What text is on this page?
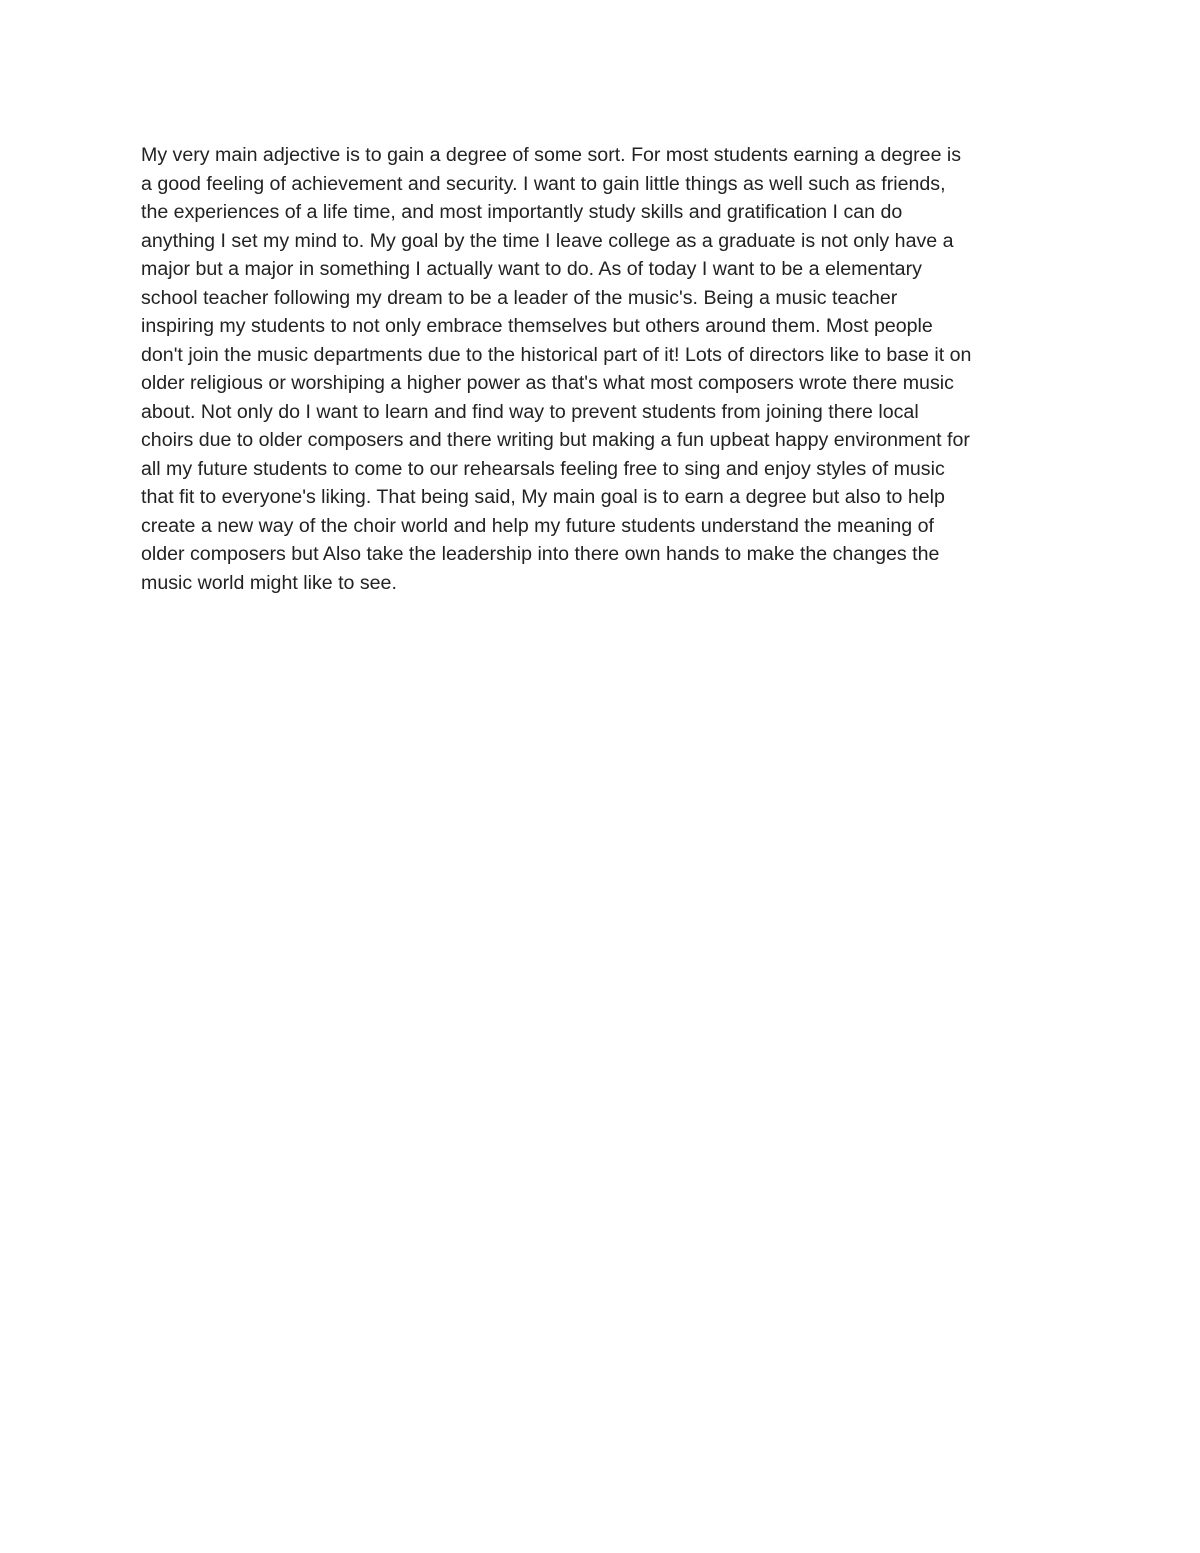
My very main adjective is to gain a degree of some sort. For most students earning a degree is
a good feeling of achievement and security. I want to gain little things as well such as friends,
the experiences of a life time, and most importantly study skills and gratification I can do
anything I set my mind to. My goal by the time I leave college as a graduate is not only have a
major but a major in something I actually want to do. As of today I want to be a elementary
school teacher following my dream to be a leader of the music's. Being a music teacher
inspiring my students to not only embrace themselves but others around them. Most people
don't join the music departments due to the historical part of it! Lots of directors like to base it on
older religious or worshiping a higher power as that's what most composers wrote there music
about. Not only do I want to learn and find way to prevent students from joining there local
choirs due to older composers and there writing but making a fun upbeat happy environment for
all my future students to come to our rehearsals feeling free to sing and enjoy styles of music
that fit to everyone's liking. That being said, My main goal is to earn a degree but also to help
create a new way of the choir world and help my future students understand the meaning of
older composers but Also take the leadership into there own hands to make the changes the
music world might like to see.
